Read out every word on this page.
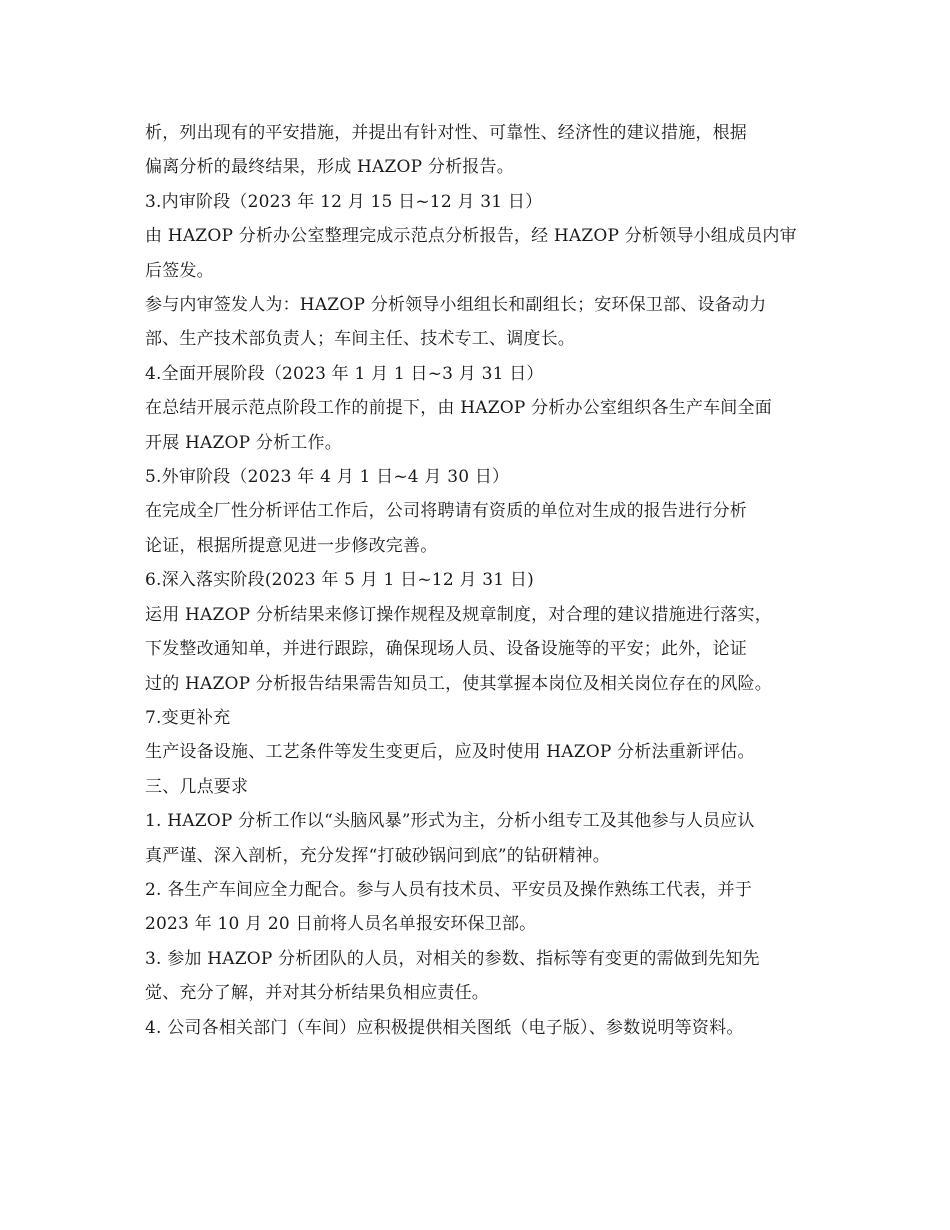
析，列出现有的平安措施，并提出有针对性、可靠性、经济性的建议措施，根据
偏离分析的最终结果，形成 HAZOP 分析报告。
3.内审阶段（2023 年 12 月 15 日~12 月 31 日）
由 HAZOP 分析办公室整理完成示范点分析报告，经 HAZOP 分析领导小组成员内审
后签发。
参与内审签发人为：HAZOP 分析领导小组组长和副组长；安环保卫部、设备动力
部、生产技术部负责人；车间主任、技术专工、调度长。
4.全面开展阶段（2023 年 1 月 1 日~3 月 31 日）
在总结开展示范点阶段工作的前提下，由 HAZOP 分析办公室组织各生产车间全面
开展 HAZOP 分析工作。
5.外审阶段（2023 年 4 月 1 日~4 月 30 日）
在完成全厂性分析评估工作后，公司将聘请有资质的单位对生成的报告进行分析
论证，根据所提意见进一步修改完善。
6.深入落实阶段(2023 年 5 月 1 日~12 月 31 日)
运用 HAZOP 分析结果来修订操作规程及规章制度，对合理的建议措施进行落实，
下发整改通知单，并进行跟踪，确保现场人员、设备设施等的平安；此外，论证
过的 HAZOP 分析报告结果需告知员工，使其掌握本岗位及相关岗位存在的风险。
7.变更补充
生产设备设施、工艺条件等发生变更后，应及时使用 HAZOP 分析法重新评估。
三、几点要求
1. HAZOP 分析工作以“头脑风暴”形式为主，分析小组专工及其他参与人员应认
真严谨、深入剖析，充分发挥“打破砂锅问到底”的钻研精神。
2. 各生产车间应全力配合。参与人员有技术员、平安员及操作熟练工代表，并于
2023 年 10 月 20 日前将人员名单报安环保卫部。
3. 参加 HAZOP 分析团队的人员，对相关的参数、指标等有变更的需做到先知先
觉、充分了解，并对其分析结果负相应责任。
4. 公司各相关部门（车间）应积极提供相关图纸（电子版）、参数说明等资料。
